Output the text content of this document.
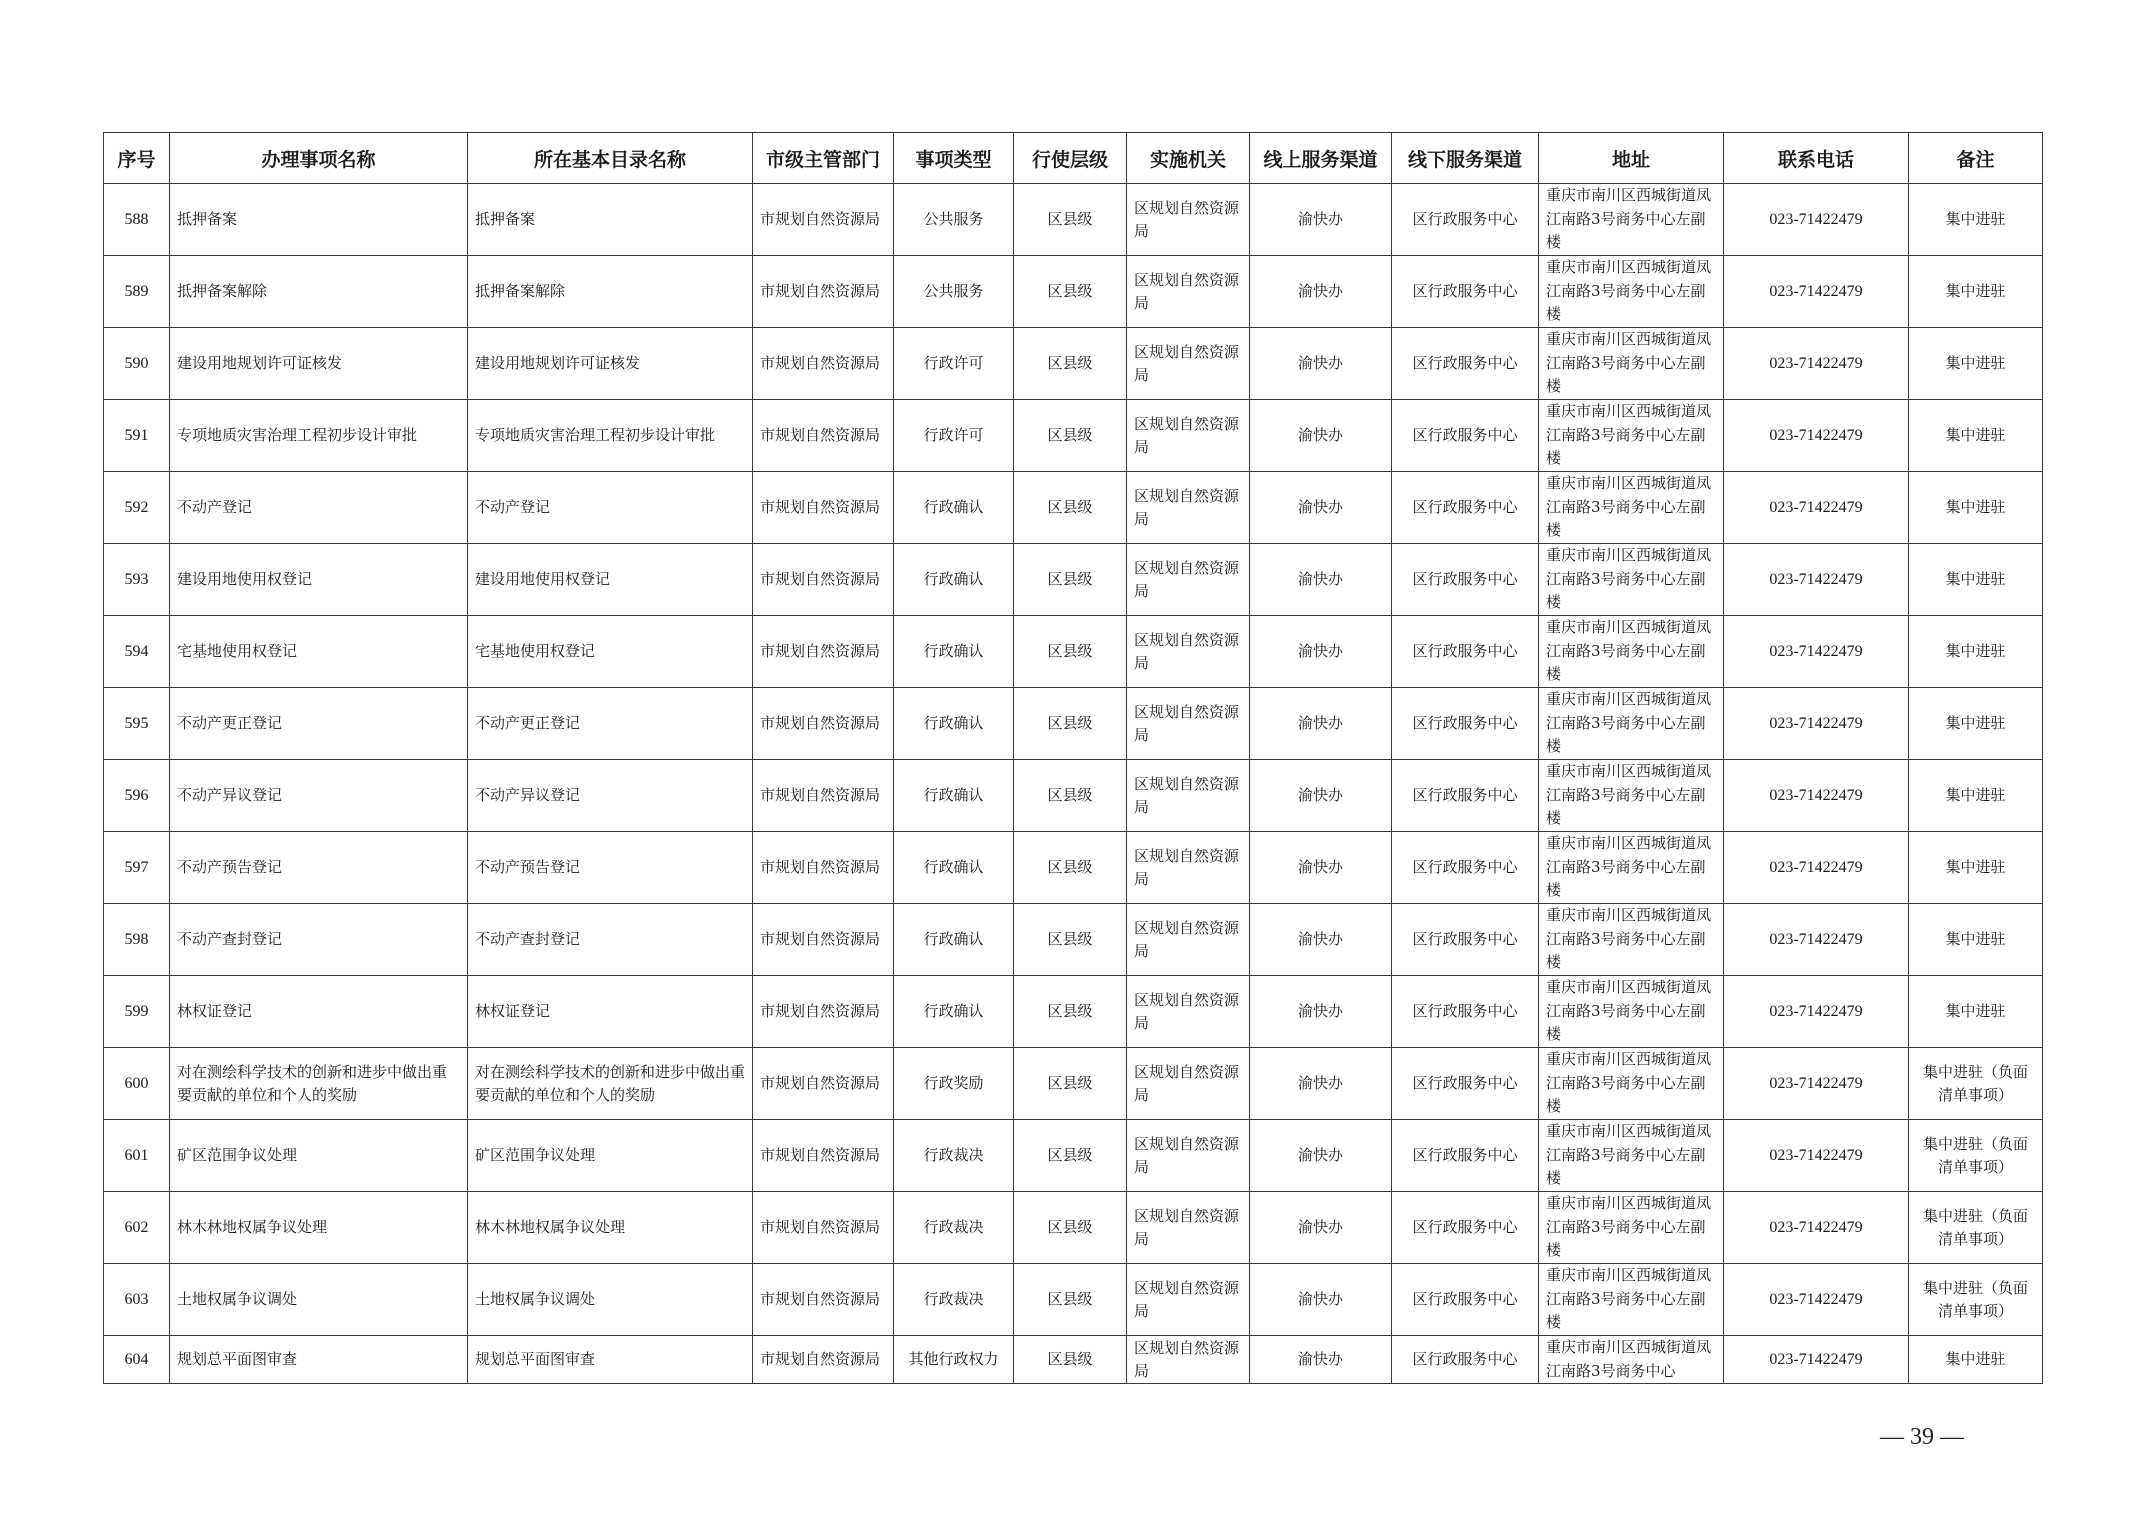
序号	办理事项名称	所在基本目录名称	市级主管部门	事项类型	行使层级	实施机关	线上服务渠道	线下服务渠道	地址	联系电话	备注
588	抵押备案	抵押备案	市规划自然资源局	公共服务	区县级	区规划自然资源局	渝快办	区行政服务中心	重庆市南川区西城街道凤江南路3号商务中心左副楼	023-71422479	集中进驻
589	抵押备案解除	抵押备案解除	市规划自然资源局	公共服务	区县级	区规划自然资源局	渝快办	区行政服务中心	重庆市南川区西城街道凤江南路3号商务中心左副楼	023-71422479	集中进驻
590	建设用地规划许可证核发	建设用地规划许可证核发	市规划自然资源局	行政许可	区县级	区规划自然资源局	渝快办	区行政服务中心	重庆市南川区西城街道凤江南路3号商务中心左副楼	023-71422479	集中进驻
591	专项地质灾害治理工程初步设计审批	专项地质灾害治理工程初步设计审批	市规划自然资源局	行政许可	区县级	区规划自然资源局	渝快办	区行政服务中心	重庆市南川区西城街道凤江南路3号商务中心左副楼	023-71422479	集中进驻
592	不动产登记	不动产登记	市规划自然资源局	行政确认	区县级	区规划自然资源局	渝快办	区行政服务中心	重庆市南川区西城街道凤江南路3号商务中心左副楼	023-71422479	集中进驻
593	建设用地使用权登记	建设用地使用权登记	市规划自然资源局	行政确认	区县级	区规划自然资源局	渝快办	区行政服务中心	重庆市南川区西城街道凤江南路3号商务中心左副楼	023-71422479	集中进驻
594	宅基地使用权登记	宅基地使用权登记	市规划自然资源局	行政确认	区县级	区规划自然资源局	渝快办	区行政服务中心	重庆市南川区西城街道凤江南路3号商务中心左副楼	023-71422479	集中进驻
595	不动产更正登记	不动产更正登记	市规划自然资源局	行政确认	区县级	区规划自然资源局	渝快办	区行政服务中心	重庆市南川区西城街道凤江南路3号商务中心左副楼	023-71422479	集中进驻
596	不动产异议登记	不动产异议登记	市规划自然资源局	行政确认	区县级	区规划自然资源局	渝快办	区行政服务中心	重庆市南川区西城街道凤江南路3号商务中心左副楼	023-71422479	集中进驻
597	不动产预告登记	不动产预告登记	市规划自然资源局	行政确认	区县级	区规划自然资源局	渝快办	区行政服务中心	重庆市南川区西城街道凤江南路3号商务中心左副楼	023-71422479	集中进驻
598	不动产查封登记	不动产查封登记	市规划自然资源局	行政确认	区县级	区规划自然资源局	渝快办	区行政服务中心	重庆市南川区西城街道凤江南路3号商务中心左副楼	023-71422479	集中进驻
599	林权证登记	林权证登记	市规划自然资源局	行政确认	区县级	区规划自然资源局	渝快办	区行政服务中心	重庆市南川区西城街道凤江南路3号商务中心左副楼	023-71422479	集中进驻
600	对在测绘科学技术的创新和进步中做出重要贡献的单位和个人的奖励	对在测绘科学技术的创新和进步中做出重要贡献的单位和个人的奖励	市规划自然资源局	行政奖励	区县级	区规划自然资源局	渝快办	区行政服务中心	重庆市南川区西城街道凤江南路3号商务中心左副楼	023-71422479	集中进驻（负面清单事项）
601	矿区范围争议处理	矿区范围争议处理	市规划自然资源局	行政裁决	区县级	区规划自然资源局	渝快办	区行政服务中心	重庆市南川区西城街道凤江南路3号商务中心左副楼	023-71422479	集中进驻（负面清单事项）
602	林木林地权属争议处理	林木林地权属争议处理	市规划自然资源局	行政裁决	区县级	区规划自然资源局	渝快办	区行政服务中心	重庆市南川区西城街道凤江南路3号商务中心左副楼	023-71422479	集中进驻（负面清单事项）
603	土地权属争议调处	土地权属争议调处	市规划自然资源局	行政裁决	区县级	区规划自然资源局	渝快办	区行政服务中心	重庆市南川区西城街道凤江南路3号商务中心左副楼	023-71422479	集中进驻（负面清单事项）
604	规划总平面图审查	规划总平面图审查	市规划自然资源局	其他行政权力	区县级	区规划自然资源局	渝快办	区行政服务中心	重庆市南川区西城街道凤江南路3号商务中心	023-71422479	集中进驻
— 39 —
